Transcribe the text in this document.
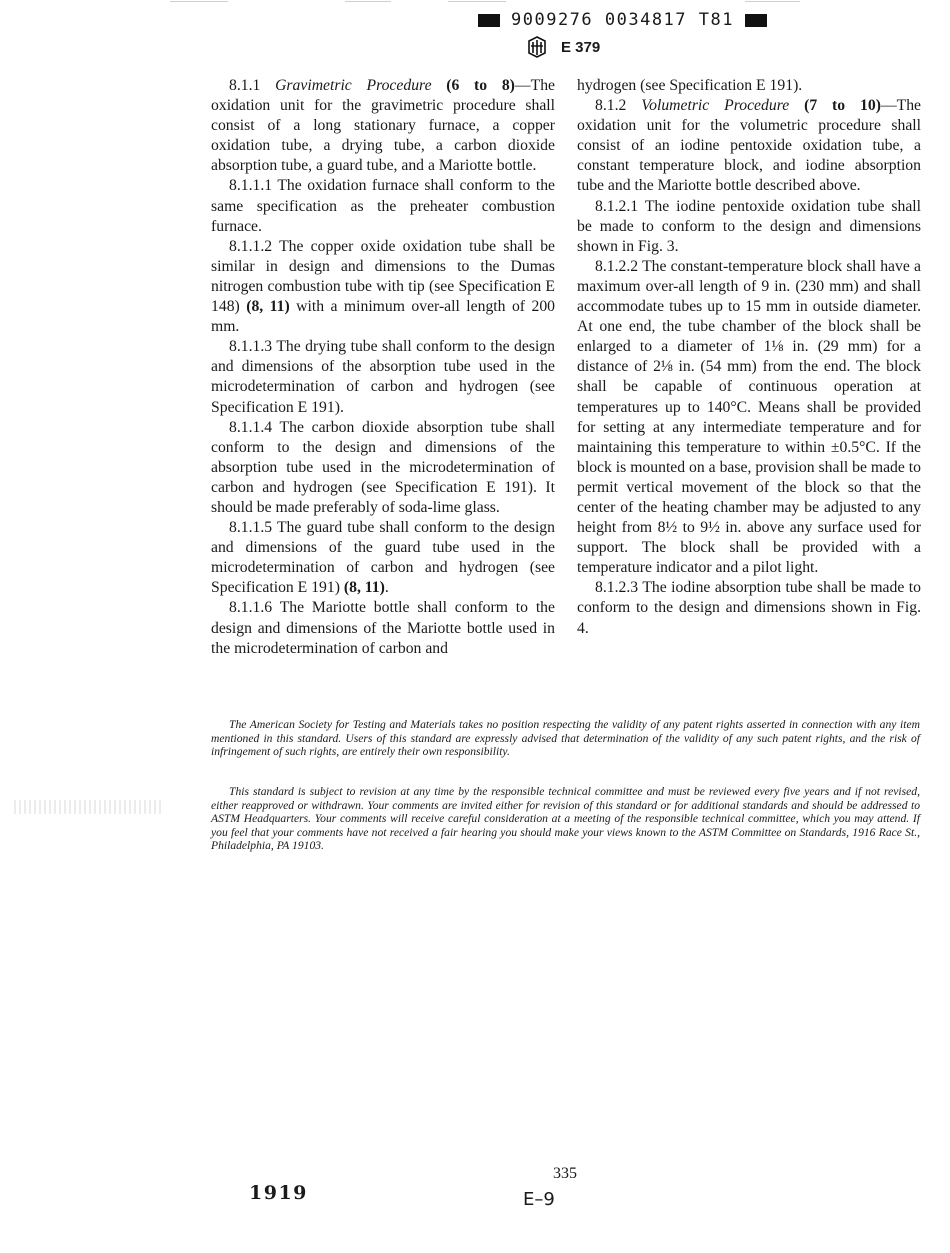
9009276 0034817 T81
E 379

8.1.1 Gravimetric Procedure (6 to 8)—The oxidation unit for the gravimetric procedure shall consist of a long stationary furnace, a copper oxidation tube, a drying tube, a carbon dioxide absorption tube, a guard tube, and a Mariotte bottle.

8.1.1.1 The oxidation furnace shall conform to the same specification as the preheater combustion furnace.

8.1.1.2 The copper oxide oxidation tube shall be similar in design and dimensions to the Dumas nitrogen combustion tube with tip (see Specification E 148) (8, 11) with a minimum over-all length of 200 mm.

8.1.1.3 The drying tube shall conform to the design and dimensions of the absorption tube used in the microdetermination of carbon and hydrogen (see Specification E 191).

8.1.1.4 The carbon dioxide absorption tube shall conform to the design and dimensions of the absorption tube used in the microdetermination of carbon and hydrogen (see Specification E 191). It should be made preferably of soda-lime glass.

8.1.1.5 The guard tube shall conform to the design and dimensions of the guard tube used in the microdetermination of carbon and hydrogen (see Specification E 191) (8, 11).

8.1.1.6 The Mariotte bottle shall conform to the design and dimensions of the Mariotte bottle used in the microdetermination of carbon and

hydrogen (see Specification E 191).

8.1.2 Volumetric Procedure (7 to 10)—The oxidation unit for the volumetric procedure shall consist of an iodine pentoxide oxidation tube, a constant temperature block, and iodine absorption tube and the Mariotte bottle described above.

8.1.2.1 The iodine pentoxide oxidation tube shall be made to conform to the design and dimensions shown in Fig. 3.

8.1.2.2 The constant-temperature block shall have a maximum over-all length of 9 in. (230 mm) and shall accommodate tubes up to 15 mm in outside diameter. At one end, the tube chamber of the block shall be enlarged to a diameter of 1⅛ in. (29 mm) for a distance of 2⅛ in. (54 mm) from the end. The block shall be capable of continuous operation at temperatures up to 140°C. Means shall be provided for setting at any intermediate temperature and for maintaining this temperature to within ±0.5°C. If the block is mounted on a base, provision shall be made to permit vertical movement of the block so that the center of the heating chamber may be adjusted to any height from 8½ to 9½ in. above any surface used for support. The block shall be provided with a temperature indicator and a pilot light.

8.1.2.3 The iodine absorption tube shall be made to conform to the design and dimensions shown in Fig. 4.

The American Society for Testing and Materials takes no position respecting the validity of any patent rights asserted in connection with any item mentioned in this standard. Users of this standard are expressly advised that determination of the validity of any such patent rights, and the risk of infringement of such rights, are entirely their own responsibility.

This standard is subject to revision at any time by the responsible technical committee and must be reviewed every five years and if not revised, either reapproved or withdrawn. Your comments are invited either for revision of this standard or for additional standards and should be addressed to ASTM Headquarters. Your comments will receive careful consideration at a meeting of the responsible technical committee, which you may attend. If you feel that your comments have not received a fair hearing you should make your views known to the ASTM Committee on Standards, 1916 Race St., Philadelphia, PA 19103.

1919
335
E–9
